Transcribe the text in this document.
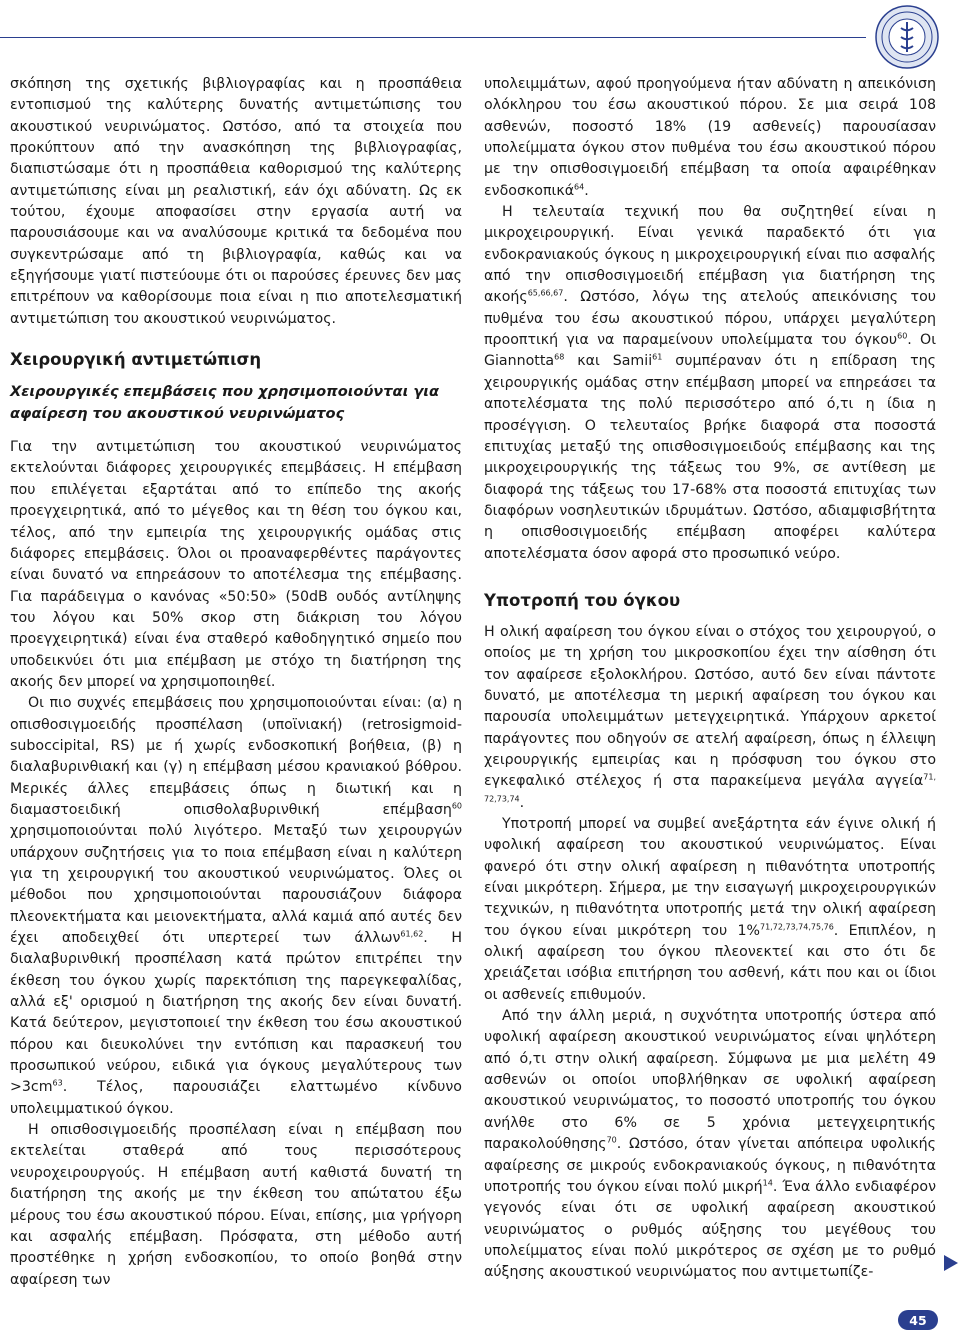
σκόπηση της σχετικής βιβλιογραφίας και η προσπάθεια εντοπισμού της καλύτερης δυνατής αντιμετώπισης του ακουστικού νευρινώματος. Ωστόσο, από τα στοιχεία που προκύπτουν από την ανασκόπηση της βιβλιογραφίας, διαπιστώσαμε ότι η προσπάθεια καθορισμού της καλύτερης αντιμετώπισης είναι μη ρεαλιστική, εάν όχι αδύνατη. Ως εκ τούτου, έχουμε αποφασίσει στην εργασία αυτή να παρουσιάσουμε και να αναλύσουμε κριτικά τα δεδομένα που συγκεντρώσαμε από τη βιβλιογραφία, καθώς και να εξηγήσουμε γιατί πιστεύουμε ότι οι παρούσες έρευνες δεν μας επιτρέπουν να καθορίσουμε ποια είναι η πιο αποτελεσματική αντιμετώπιση του ακουστικού νευρινώματος.

Χειρουργική αντιμετώπιση
Χειρουργικές επεμβάσεις που χρησιμοποιούνται για αφαίρεση του ακουστικού νευρινώματος

Για την αντιμετώπιση του ακουστικού νευρινώματος εκτελούνται διάφορες χειρουργικές επεμβάσεις. Η επέμβαση που επιλέγεται εξαρτάται από το επίπεδο της ακοής προεγχειρητικά, από το μέγεθος και τη θέση του όγκου και, τέλος, από την εμπειρία της χειρουργικής ομάδας στις διάφορες επεμβάσεις. Όλοι οι προαναφερθέντες παράγοντες είναι δυνατό να επηρεάσουν το αποτέλεσμα της επέμβασης. Για παράδειγμα ο κανόνας «50:50» (50dB ουδός αντίληψης του λόγου και 50% σκορ στη διάκριση του λόγου προεγχειρητικά) είναι ένα σταθερό καθοδηγητικό σημείο που υποδεικνύει ότι μια επέμβαση με στόχο τη διατήρηση της ακοής δεν μπορεί να χρησιμοποιηθεί.

Οι πιο συχνές επεμβάσεις που χρησιμοποιούνται είναι: (α) η οπισθοσιγμοειδής προσπέλαση (υποϊνιακή) (retrosigmoid-suboccipital, RS) με ή χωρίς ενδοσκοπική βοήθεια, (β) η διαλαβυρινθιακή και (γ) η επέμβαση μέσου κρανιακού βόθρου. Μερικές άλλες επεμβάσεις όπως η διωτική και η διαμαστοειδική οπισθολαβυρινθική επέμβαση$^{60}$ χρησιμοποιούνται πολύ λιγότερο. Μεταξύ των χειρουργών υπάρχουν συζητήσεις για το ποια επέμβαση είναι η καλύτερη για τη χειρουργική του ακουστικού νευρινώματος. Όλες οι μέθοδοι που χρησιμοποιούνται παρουσιάζουν διάφορα πλεονεκτήματα και μειονεκτήματα, αλλά καμιά από αυτές δεν έχει αποδειχθεί ότι υπερτερεί των άλλων$^{61,62}$. Η διαλαβυρινθική προσπέλαση κατά πρώτον επιτρέπει την έκθεση του όγκου χωρίς παρεκτόπιση της παρεγκεφαλίδας, αλλά εξ' ορισμού η διατήρηση της ακοής δεν είναι δυνατή. Κατά δεύτερον, μεγιστοποιεί την έκθεση του έσω ακουστικού πόρου και διευκολύνει την εντόπιση και παρασκευή του προσωπικού νεύρου, ειδικά για όγκους μεγαλύτερους $\tau\omega\nu >3cm^{63}$. Τέλος, παρουσιάζει ελαττωμένο κίνδυνο υπολειμματικού όγκου.

Η οπισθοσιγμοειδής προσπέλαση είναι η επέμβαση που εκτελείται σταθερά από τους περισσότερους νευροχειρουργούς. Η επέμβαση αυτή καθιστά δυνατή τη διατήρηση της ακοής με την έκθεση του απώτατου έξω μέρους του έσω ακουστικού πόρου. Είναι, επίσης, μια γρήγορη και ασφαλής επέμβαση. Πρόσφατα, στη μέθοδο αυτή προστέθηκε η χρήση ενδοσκοπίου, το οποίο βοηθά στην αφαίρεση των

υπολειμμάτων, αφού προηγούμενα ήταν αδύνατη η απεικόνιση ολόκληρου του έσω ακουστικού πόρου. Σε μια σειρά 108 ασθενών, ποσοστό 18% (19 ασθενείς) παρουσίασαν υπολείμματα όγκου στον πυθμένα του έσω ακουστικού πόρου με την οπισθοσιγμοειδή επέμβαση τα οποία αφαιρέθηκαν ενδοσκοπικά$^{64}$.

Η τελευταία τεχνική που θα συζητηθεί είναι η μικροχειρουργική. Είναι γενικά παραδεκτό ότι για ενδοκρανιακούς όγκους η μικροχειρουργική είναι πιο ασφαλής από την οπισθοσιγμοειδή επέμβαση για διατήρηση της ακοής$^{65,66,67}$. Ωστόσο, λόγω της ατελούς απεικόνισης του πυθμένα του έσω ακουστικού πόρου, υπάρχει μεγαλύτερη προοπτική για να παραμείνουν υπολείμματα του όγκου$^{60}$. Οι Giannotta$^{68}$ και Samii$^{61}$ συμπέραναν ότι η επίδραση της χειρουργικής ομάδας στην επέμβαση μπορεί να επηρεάσει τα αποτελέσματα της πολύ περισσότερο από ό,τι η ίδια η προσέγγιση. Ο τελευταίος βρήκε διαφορά στα ποσοστά επιτυχίας μεταξύ της οπισθοσιγμοειδούς επέμβασης και της μικροχειρουργικής της τάξεως του 9%, σε αντίθεση με διαφορά της τάξεως του 17-68% στα ποσοστά επιτυχίας των διαφόρων νοσηλευτικών ιδρυμάτων. Ωστόσο, αδιαμφισβήτητα η οπισθοσιγμοειδής επέμβαση αποφέρει καλύτερα αποτελέσματα όσον αφορά στο προσωπικό νεύρο.

Υποτροπή του όγκου

Η ολική αφαίρεση του όγκου είναι ο στόχος του χειρουργού, ο οποίος με τη χρήση του μικροσκοπίου έχει την αίσθηση ότι τον αφαίρεσε εξολοκλήρου. Ωστόσο, αυτό δεν είναι πάντοτε δυνατό, με αποτέλεσμα τη μερική αφαίρεση του όγκου και παρουσία υπολειμμάτων μετεγχειρητικά. Υπάρχουν αρκετοί παράγοντες που οδηγούν σε ατελή αφαίρεση, όπως η έλλειψη χειρουργικής εμπειρίας και η πρόσφυση του όγκου στο εγκεφαλικό στέλεχος ή στα παρακείμενα μεγάλα αγγεία$^{71, 72,73,74}$.

Υποτροπή μπορεί να συμβεί ανεξάρτητα εάν έγινε ολική ή υφολική αφαίρεση του ακουστικού νευρινώματος. Είναι φανερό ότι στην ολική αφαίρεση η πιθανότητα υποτροπής είναι μικρότερη. Σήμερα, με την εισαγωγή μικροχειρουργικών τεχνικών, η πιθανότητα υποτροπής μετά την ολική αφαίρεση του όγκου είναι μικρότερη του 1%$^{71,72,73,74,75,76}$. Επιπλέον, η ολική αφαίρεση του όγκου πλεονεκτεί και στο ότι δε χρειάζεται ισόβια επιτήρηση του ασθενή, κάτι που και οι ίδιοι οι ασθενείς επιθυμούν.

Από την άλλη μεριά, η συχνότητα υποτροπής ύστερα από υφολική αφαίρεση ακουστικού νευρινώματος είναι ψηλότερη από ό,τι στην ολική αφαίρεση. Σύμφωνα με μια μελέτη 49 ασθενών οι οποίοι υποβλήθηκαν σε υφολική αφαίρεση ακουστικού νευρινώματος, το ποσοστό υποτροπής του όγκου ανήλθε στο 6% σε 5 χρόνια μετεγχειρητικής παρακολούθησης$^{70}$. Ωστόσο, όταν γίνεται απόπειρα υφολικής αφαίρεσης σε μικρούς ενδοκρανιακούς όγκους, η πιθανότητα υποτροπής του όγκου είναι πολύ μικρή$^{14}$. Ένα άλλο ενδιαφέρον γεγονός είναι ότι σε υφολική αφαίρεση ακουστικού νευρινώματος ο ρυθμός αύξησης του μεγέθους του υπολείμματος είναι πολύ μικρότερος σε σχέση με το ρυθμό αύξησης ακουστικού νευρινώματος που αντιμετωπίζε-

45
